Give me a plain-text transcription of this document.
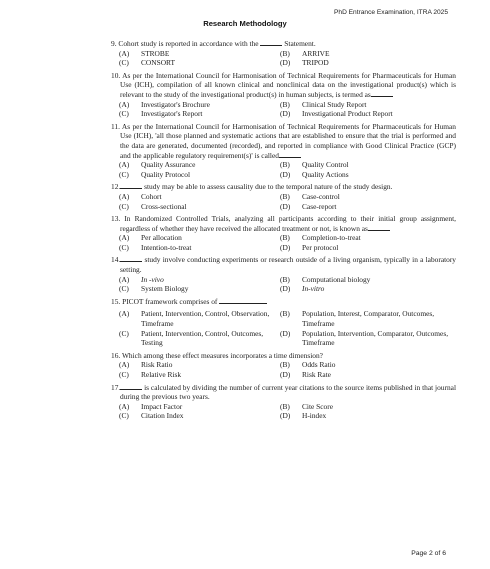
PhD Entrance Examination, ITRA 2025
Research Methodology
9. Cohort study is reported in accordance with the	Statement.
(A)	STROBE	(B)	ARRIVE
(C)	CONSORT	(D)	TRIPOD
10. As per the International Council for Harmonisation of Technical Requirements for Pharmaceuticals for Human Use (ICH), compilation of all known clinical and nonclinical data on the investigational product(s) which is relevant to the study of the investigational product(s) in human subjects, is termed as
(A)	Investigator's Brochure	(B)	Clinical Study Report
(C)	Investigator's Report	(D)	Investigational Product Report
11. As per the International Council for Harmonisation of Technical Requirements for Pharmaceuticals for Human Use (ICH), 'all those planned and systematic actions that are established to ensure that the trial is performed and the data are generated, documented (recorded), and reported in compliance with Good Clinical Practice (GCP) and the applicable regulatory requirement(s)' is called
(A)	Quality Assurance	(B)	Quality Control
(C)	Quality Protocol	(D)	Quality Actions
12.	study may be able to assess causality due to the temporal nature of the study design.
(A)	Cohort	(B)	Case-control
(C)	Cross-sectional	(D)	Case-report
13. In Randomized Controlled Trials, analyzing all participants according to their initial group assignment, regardless of whether they have received the allocated treatment or not, is known as
(A)	Per allocation	(B)	Completion-to-treat
(C)	Intention-to-treat	(D)	Per protocol
14.	study involve conducting experiments or research outside of a living organism, typically in a laboratory setting.
(A)	In -vivo	(B)	Computational biology
(C)	System Biology	(D)	In-vitro
15. PICOT framework comprises of
(A)	Patient, Intervention, Control, Observation, Timeframe
(B)	Population, Interest, Comparator, Outcomes, Timeframe
(C)	Patient, Intervention, Control, Outcomes, Testing
(D)	Population, Intervention, Comparator, Outcomes, Timeframe
16. Which among these effect measures incorporates a time dimension?
(A)	Risk Ratio	(B)	Odds Ratio
(C)	Relative Risk	(D)	Risk Rate
17.	is calculated by dividing the number of current year citations to the source items published in that journal during the previous two years.
(A)	Impact Factor	(B)	Cite Score
(C)	Citation Index	(D)	H-index
Page 2 of 6
